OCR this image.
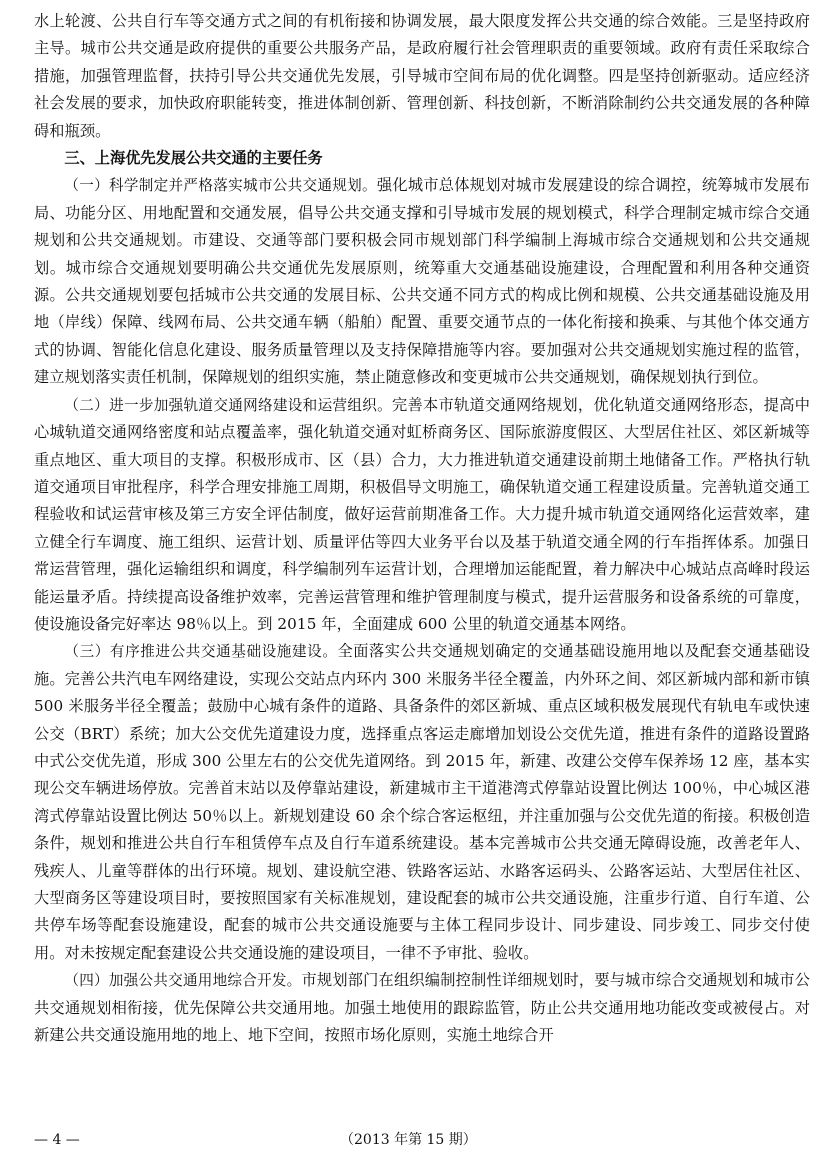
水上轮渡、公共自行车等交通方式之间的有机衔接和协调发展，最大限度发挥公共交通的综合效能。三是坚持政府主导。城市公共交通是政府提供的重要公共服务产品，是政府履行社会管理职责的重要领域。政府有责任采取综合措施，加强管理监督，扶持引导公共交通优先发展，引导城市空间布局的优化调整。四是坚持创新驱动。适应经济社会发展的要求，加快政府职能转变，推进体制创新、管理创新、科技创新，不断消除制约公共交通发展的各种障碍和瓶颈。

三、上海优先发展公共交通的主要任务

（一）科学制定并严格落实城市公共交通规划。强化城市总体规划对城市发展建设的综合调控，统筹城市发展布局、功能分区、用地配置和交通发展，倡导公共交通支撑和引导城市发展的规划模式，科学合理制定城市综合交通规划和公共交通规划。市建设、交通等部门要积极会同市规划部门科学编制上海城市综合交通规划和公共交通规划。城市综合交通规划要明确公共交通优先发展原则，统筹重大交通基础设施建设，合理配置和利用各种交通资源。公共交通规划要包括城市公共交通的发展目标、公共交通不同方式的构成比例和规模、公共交通基础设施及用地（岸线）保障、线网布局、公共交通车辆（船舶）配置、重要交通节点的一体化衔接和换乘、与其他个体交通方式的协调、智能化信息化建设、服务质量管理以及支持保障措施等内容。要加强对公共交通规划实施过程的监管，建立规划落实责任机制，保障规划的组织实施，禁止随意修改和变更城市公共交通规划，确保规划执行到位。

（二）进一步加强轨道交通网络建设和运营组织。完善本市轨道交通网络规划，优化轨道交通网络形态，提高中心城轨道交通网络密度和站点覆盖率，强化轨道交通对虹桥商务区、国际旅游度假区、大型居住社区、郊区新城等重点地区、重大项目的支撑。积极形成市、区（县）合力，大力推进轨道交通建设前期土地储备工作。严格执行轨道交通项目审批程序，科学合理安排施工周期，积极倡导文明施工，确保轨道交通工程建设质量。完善轨道交通工程验收和试运营审核及第三方安全评估制度，做好运营前期准备工作。大力提升城市轨道交通网络化运营效率，建立健全行车调度、施工组织、运营计划、质量评估等四大业务平台以及基于轨道交通全网的行车指挥体系。加强日常运营管理，强化运输组织和调度，科学编制列车运营计划，合理增加运能配置，着力解决中心城站点高峰时段运能运量矛盾。持续提高设备维护效率，完善运营管理和维护管理制度与模式，提升运营服务和设备系统的可靠度，使设施设备完好率达 98％以上。到 2015 年，全面建成 600 公里的轨道交通基本网络。

（三）有序推进公共交通基础设施建设。全面落实公共交通规划确定的交通基础设施用地以及配套交通基础设施。完善公共汽电车网络建设，实现公交站点内环内 300 米服务半径全覆盖，内外环之间、郊区新城内部和新市镇 500 米服务半径全覆盖；鼓励中心城有条件的道路、具备条件的郊区新城、重点区域积极发展现代有轨电车或快速公交（BRT）系统；加大公交优先道建设力度，选择重点客运走廊增加划设公交优先道，推进有条件的道路设置路中式公交优先道，形成 300 公里左右的公交优先道网络。到 2015 年，新建、改建公交停车保养场 12 座，基本实现公交车辆进场停放。完善首末站以及停靠站建设，新建城市主干道港湾式停靠站设置比例达 100％，中心城区港湾式停靠站设置比例达 50％以上。新规划建设 60 余个综合客运枢纽，并注重加强与公交优先道的衔接。积极创造条件，规划和推进公共自行车租赁停车点及自行车道系统建设。基本完善城市公共交通无障碍设施，改善老年人、残疾人、儿童等群体的出行环境。规划、建设航空港、铁路客运站、水路客运码头、公路客运站、大型居住社区、大型商务区等建设项目时，要按照国家有关标准规划，建设配套的城市公共交通设施，注重步行道、自行车道、公共停车场等配套设施建设，配套的城市公共交通设施要与主体工程同步设计、同步建设、同步竣工、同步交付使用。对未按规定配套建设公共交通设施的建设项目，一律不予审批、验收。

（四）加强公共交通用地综合开发。市规划部门在组织编制控制性详细规划时，要与城市综合交通规划和城市公共交通规划相衔接，优先保障公共交通用地。加强土地使用的跟踪监管，防止公共交通用地功能改变或被侵占。对新建公共交通设施用地的地上、地下空间，按照市场化原则，实施土地综合开

— 4 —	（2013 年第 15 期）
